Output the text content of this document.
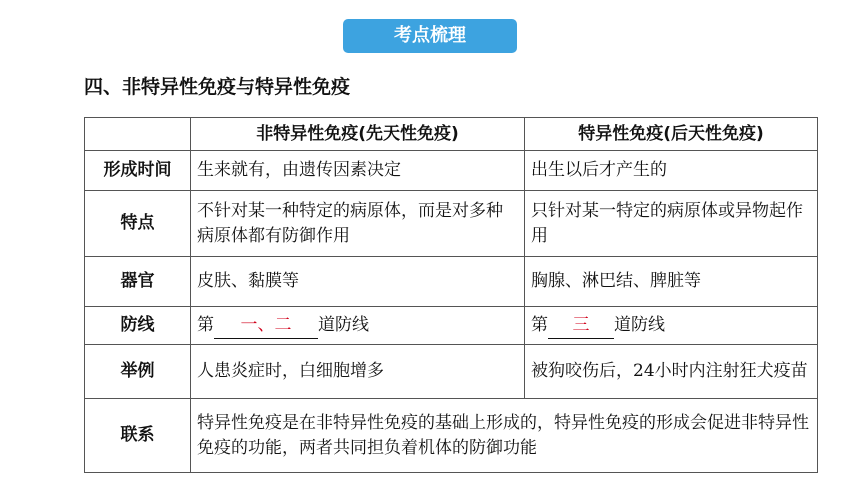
考点梳理
四、非特异性免疫与特异性免疫
	非特异性免疫(先天性免疫)	特异性免疫(后天性免疫)
形成时间	生来就有，由遗传因素决定	出生以后才产生的
特点	不针对某一种特定的病原体，而是对多种病原体都有防御作用	只针对某一特定的病原体或异物起作用
器官	皮肤、黏膜等	胸腺、淋巴结、脾脏等
防线	第 一、二 道防线	第 三 道防线
举例	人患炎症时，白细胞增多	被狗咬伤后，24小时内注射狂犬疫苗
联系	特异性免疫是在非特异性免疫的基础上形成的，特异性免疫的形成会促进非特异性免疫的功能，两者共同担负着机体的防御功能	
